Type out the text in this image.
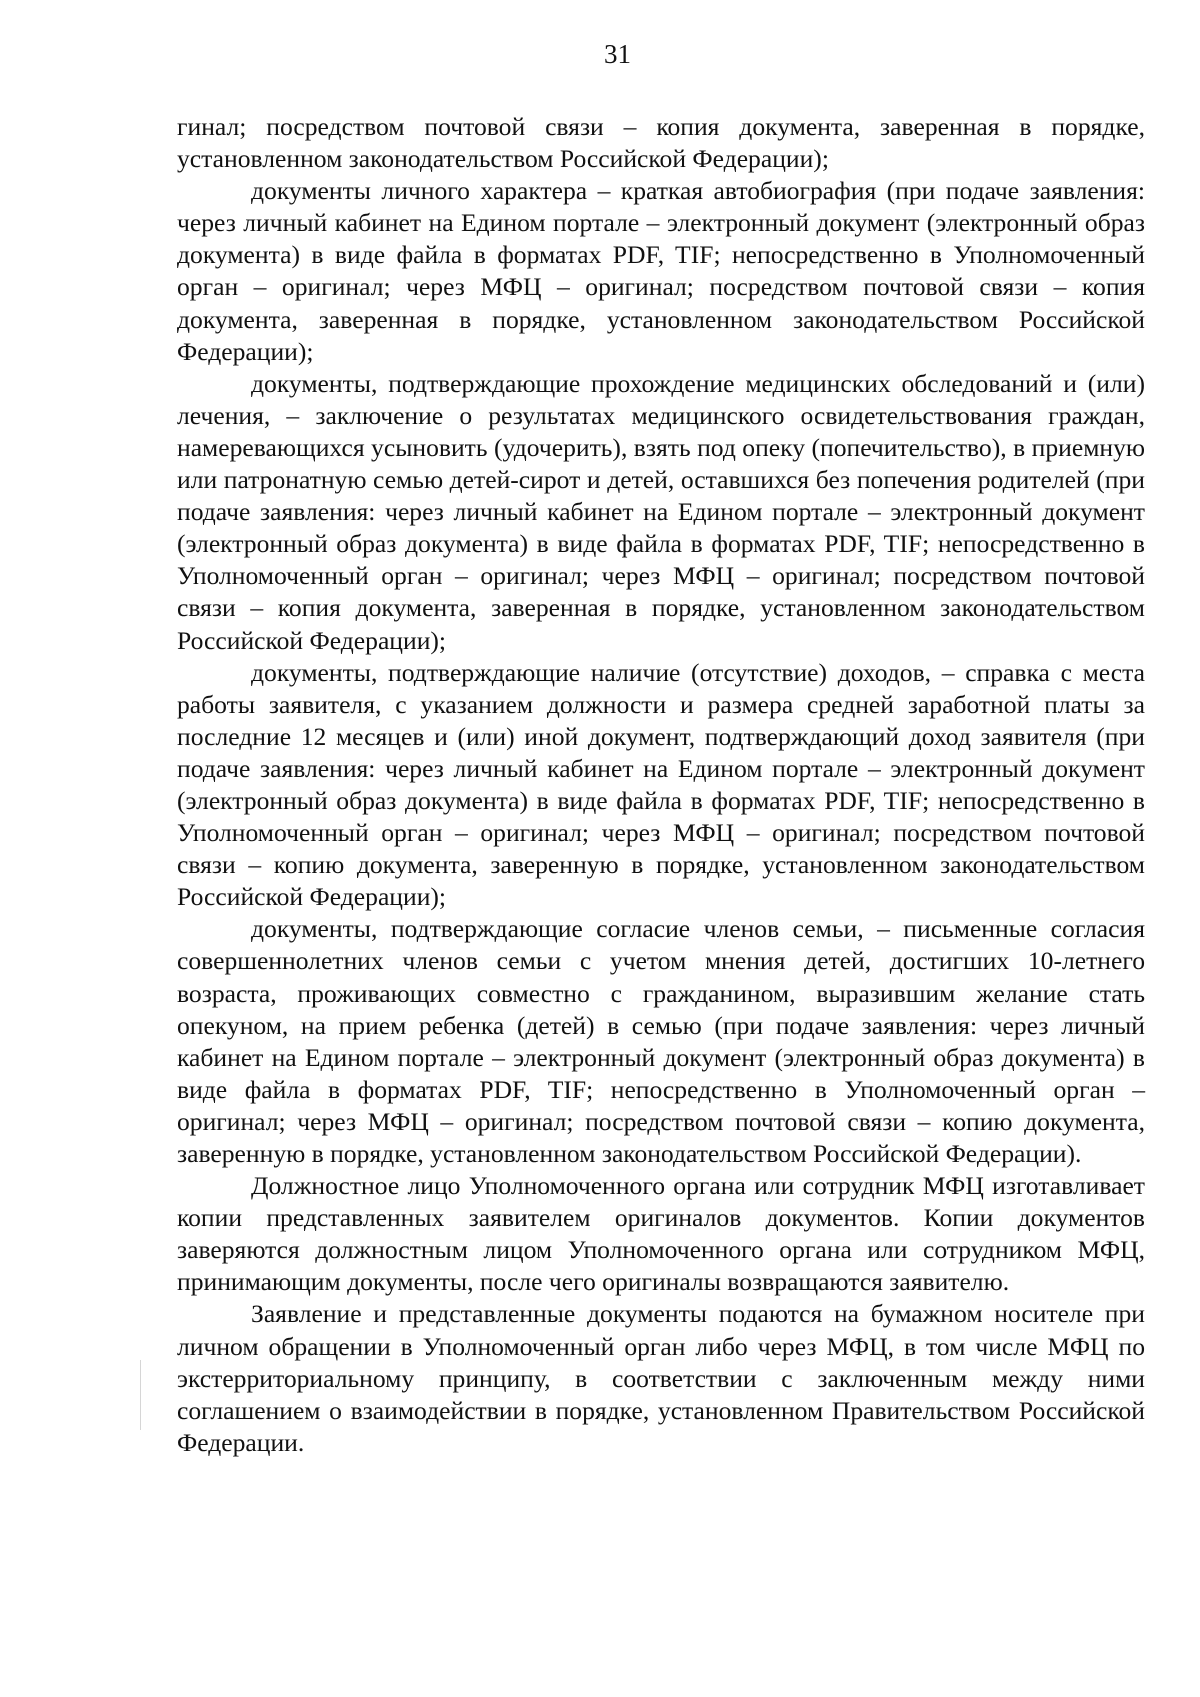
31

гинал; посредством почтовой связи – копия документа, заверенная в порядке, установленном законодательством Российской Федерации);

документы личного характера – краткая автобиография (при подаче заявления: через личный кабинет на Едином портале – электронный документ (электронный образ документа) в виде файла в форматах PDF, TIF; непосредственно в Уполномоченный орган – оригинал; через МФЦ – оригинал; посредством почтовой связи – копия документа, заверенная в порядке, установленном законодательством Российской Федерации);

документы, подтверждающие прохождение медицинских обследований и (или) лечения, – заключение о результатах медицинского освидетельствования граждан, намеревающихся усыновить (удочерить), взять под опеку (попечительство), в приемную или патронатную семью детей-сирот и детей, оставшихся без попечения родителей (при подаче заявления: через личный кабинет на Едином портале – электронный документ (электронный образ документа) в виде файла в форматах PDF, TIF; непосредственно в Уполномоченный орган – оригинал; через МФЦ – оригинал; посредством почтовой связи – копия документа, заверенная в порядке, установленном законодательством Российской Федерации);

документы, подтверждающие наличие (отсутствие) доходов, – справка с места работы заявителя, с указанием должности и размера средней заработной платы за последние 12 месяцев и (или) иной документ, подтверждающий доход заявителя (при подаче заявления: через личный кабинет на Едином портале – электронный документ (электронный образ документа) в виде файла в форматах PDF, TIF; непосредственно в Уполномоченный орган – оригинал; через МФЦ – оригинал; посредством почтовой связи – копию документа, заверенную в порядке, установленном законодательством Российской Федерации);

документы, подтверждающие согласие членов семьи, – письменные согласия совершеннолетних членов семьи с учетом мнения детей, достигших 10-летнего возраста, проживающих совместно с гражданином, выразившим желание стать опекуном, на прием ребенка (детей) в семью (при подаче заявления: через личный кабинет на Едином портале – электронный документ (электронный образ документа) в виде файла в форматах PDF, TIF; непосредственно в Уполномоченный орган – оригинал; через МФЦ – оригинал; посредством почтовой связи – копию документа, заверенную в порядке, установленном законодательством Российской Федерации).

Должностное лицо Уполномоченного органа или сотрудник МФЦ изготавливает копии представленных заявителем оригиналов документов. Копии документов заверяются должностным лицом Уполномоченного органа или сотрудником МФЦ, принимающим документы, после чего оригиналы возвращаются заявителю.

Заявление и представленные документы подаются на бумажном носителе при личном обращении в Уполномоченный орган либо через МФЦ, в том числе МФЦ по экстерриториальному принципу, в соответствии с заключенным между ними соглашением о взаимодействии в порядке, установленном Правительством Российской Федерации.
